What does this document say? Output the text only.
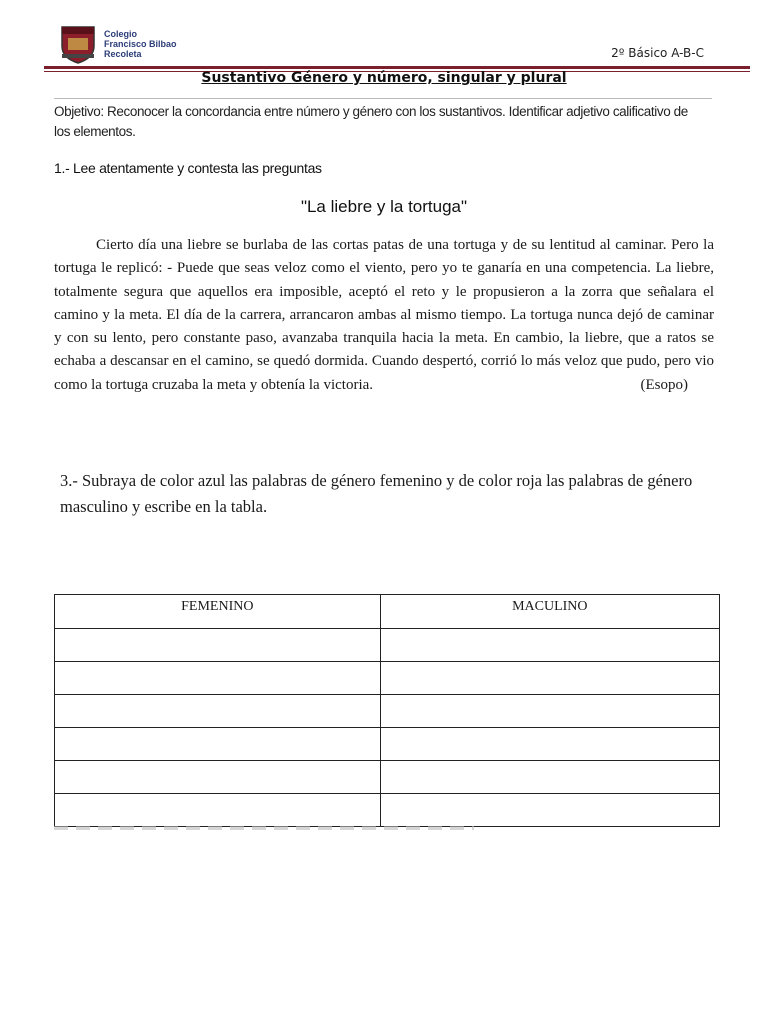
Colegio
Francisco Bilbao
Recoleta	2º Básico A-B-C
Sustantivo Género y número, singular y plural
Objetivo: Reconocer la concordancia entre número y género con los sustantivos. Identificar adjetivo calificativo de los elementos.
1.- Lee atentamente y contesta las preguntas
"La liebre y la tortuga"

Cierto día una liebre se burlaba de las cortas patas de una tortuga y de su lentitud al caminar. Pero la tortuga le replicó: - Puede que seas veloz como el viento, pero yo te ganaría en una competencia. La liebre, totalmente segura que aquellos era imposible, aceptó el reto y le propusieron a la zorra que señalara el camino y la meta. El día de la carrera, arrancaron ambas al mismo tiempo. La tortuga nunca dejó de caminar y con su lento, pero constante paso, avanzaba tranquila hacia la meta. En cambio, la liebre, que a ratos se echaba a descansar en el camino, se quedó dormida. Cuando despertó, corrió lo más veloz que pudo, pero vio como la tortuga cruzaba la meta y obtenía la victoria.	(Esopo)

3.- Subraya de color azul las palabras de género femenino y de color roja las palabras de género masculino y escribe en la tabla.
FEMENINO	MACULINO
